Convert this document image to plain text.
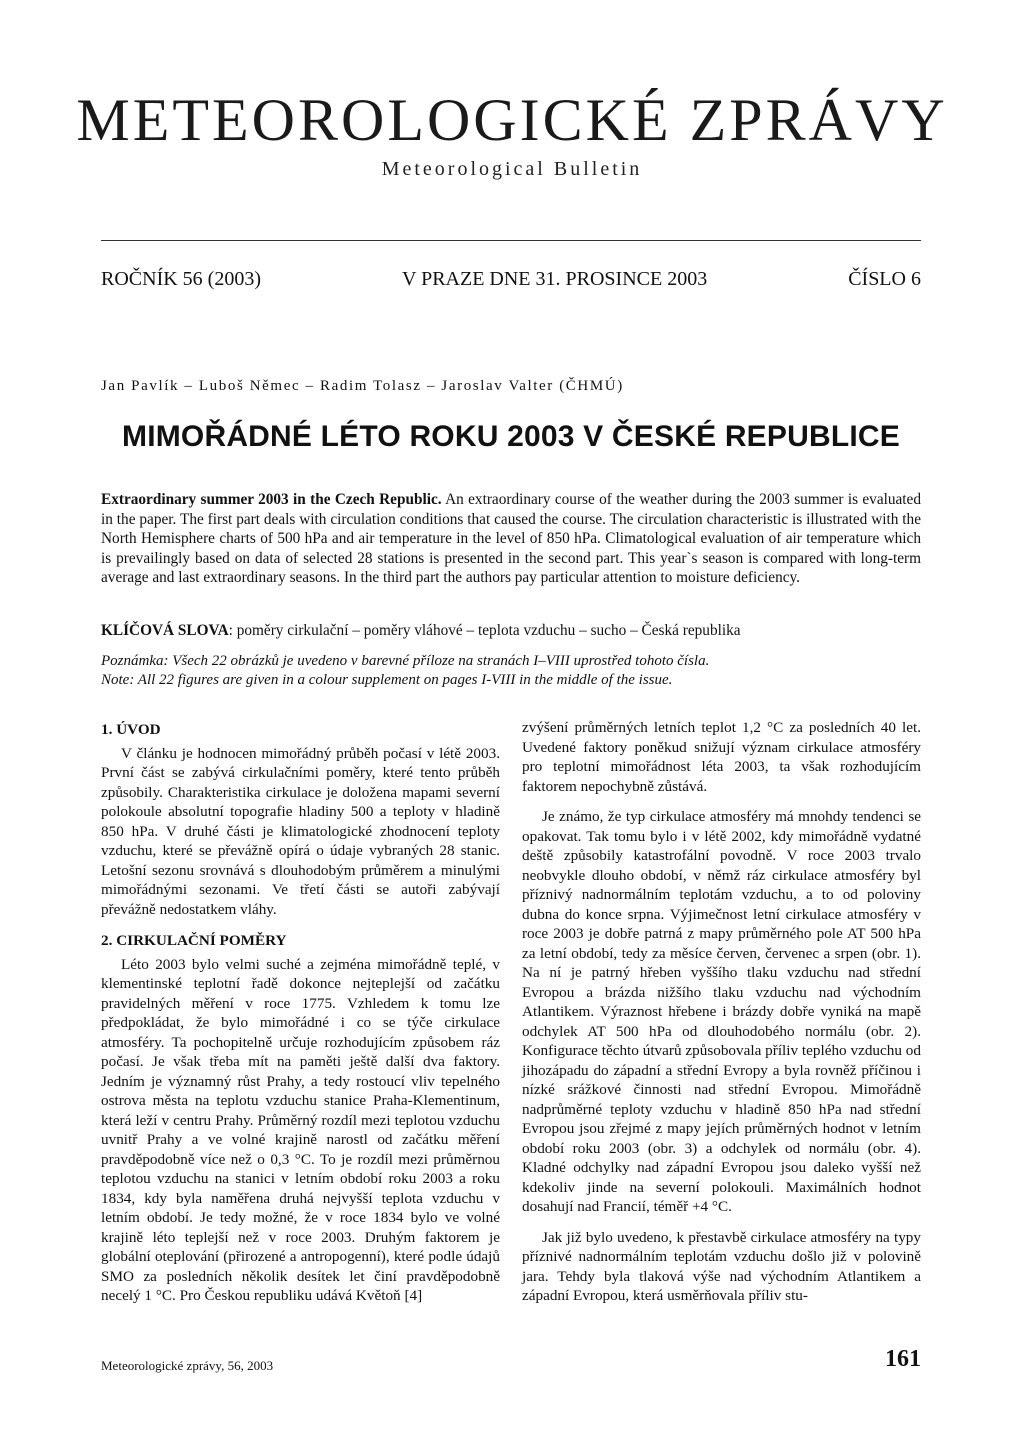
METEOROLOGICKÉ ZPRÁVY
Meteorological Bulletin
ROČNÍK 56 (2003)	V PRAZE DNE 31. PROSINCE 2003	ČÍSLO 6
Jan Pavlík – Luboš Němec – Radim Tolasz – Jaroslav Valter (ČHMÚ)
MIMOŘÁDNÉ LÉTO ROKU 2003 V ČESKÉ REPUBLICE
Extraordinary summer 2003 in the Czech Republic. An extraordinary course of the weather during the 2003 summer is evaluated in the paper. The first part deals with circulation conditions that caused the course. The circulation characteristic is illustrated with the North Hemisphere charts of 500 hPa and air temperature in the level of 850 hPa. Climatological evaluation of air temperature which is prevailingly based on data of selected 28 stations is presented in the second part. This year`s season is compared with long-term average and last extraordinary seasons. In the third part the authors pay particular attention to moisture deficiency.
KLÍČOVÁ SLOVA: poměry cirkulační – poměry vláhové – teplota vzduchu – sucho – Česká republika
Poznámka: Všech 22 obrázků je uvedeno v barevné příloze na stranách I–VIII uprostřed tohoto čísla.
Note: All 22 figures are given in a colour supplement on pages I-VIII in the middle of the issue.
1. ÚVOD

V článku je hodnocen mimořádný průběh počasí v létě 2003. První část se zabývá cirkulačními poměry, které tento průběh způsobily. Charakteristika cirkulace je doložena mapami severní polokoule absolutní topografie hladiny 500 a teploty v hladině 850 hPa. V druhé části je klimatologické zhodnocení teploty vzduchu, které se převážně opírá o údaje vybraných 28 stanic. Letošní sezonu srovnává s dlouhodobým průměrem a minulými mimořádnými sezonami. Ve třetí části se autoři zabývají převážně nedostatkem vláhy.

2. CIRKULAČNÍ POMĚRY

Léto 2003 bylo velmi suché a zejména mimořádně teplé, v klementinské teplotní řadě dokonce nejteplejší od začátku pravidelných měření v roce 1775. Vzhledem k tomu lze předpokládat, že bylo mimořádné i co se týče cirkulace atmosféry. Ta pochopitelně určuje rozhodujícím způsobem ráz počasí. Je však třeba mít na paměti ještě další dva faktory. Jedním je významný růst Prahy, a tedy rostoucí vliv tepelného ostrova města na teplotu vzduchu stanice Praha-Klementinum, která leží v centru Prahy. Průměrný rozdíl mezi teplotou vzduchu uvnitř Prahy a ve volné krajině narostl od začátku měření pravděpodobně více než o 0,3 °C. To je rozdíl mezi průměrnou teplotou vzduchu na stanici v letním období roku 2003 a roku 1834, kdy byla naměřena druhá nejvyšší teplota vzduchu v letním období. Je tedy možné, že v roce 1834 bylo ve volné krajině léto teplejší než v roce 2003. Druhým faktorem je globální oteplování (přirozené a antropogenní), které podle údajů SMO za posledních několik desítek let činí pravděpodobně necelý 1 °C. Pro Českou republiku udává Květoň [4]

zvýšení průměrných letních teplot 1,2 °C za posledních 40 let. Uvedené faktory poněkud snižují význam cirkulace atmosféry pro teplotní mimořádnost léta 2003, ta však rozhodujícím faktorem nepochybně zůstává.

Je známo, že typ cirkulace atmosféry má mnohdy tendenci se opakovat. Tak tomu bylo i v létě 2002, kdy mimořádně vydatné deště způsobily katastrofální povodně. V roce 2003 trvalo neobvykle dlouho období, v němž ráz cirkulace atmosféry byl příznivý nadnormálním teplotám vzduchu, a to od poloviny dubna do konce srpna. Výjimečnost letní cirkulace atmosféry v roce 2003 je dobře patrná z mapy průměrného pole AT 500 hPa za letní období, tedy za měsíce červen, červenec a srpen (obr. 1). Na ní je patrný hřeben vyššího tlaku vzduchu nad střední Evropou a brázda nižšího tlaku vzduchu nad východním Atlantikem. Výraznost hřebene i brázdy dobře vyniká na mapě odchylek AT 500 hPa od dlouhodobého normálu (obr. 2). Konfigurace těchto útvarů způsobovala příliv teplého vzduchu od jihozápadu do západní a střední Evropy a byla rovněž příčinou i nízké srážkové činnosti nad střední Evropou. Mimořádně nadprůměrné teploty vzduchu v hladině 850 hPa nad střední Evropou jsou zřejmé z mapy jejích průměrných hodnot v letním období roku 2003 (obr. 3) a odchylek od normálu (obr. 4). Kladné odchylky nad západní Evropou jsou daleko vyšší než kdekoliv jinde na severní polokouli. Maximálních hodnot dosahují nad Francií, téměř +4 °C.

Jak již bylo uvedeno, k přestavbě cirkulace atmosféry na typy příznivé nadnormálním teplotám vzduchu došlo již v polovině jara. Tehdy byla tlaková výše nad východním Atlantikem a západní Evropou, která usměrňovala příliv stu-

Meteorologické zprávy, 56, 2003	161
